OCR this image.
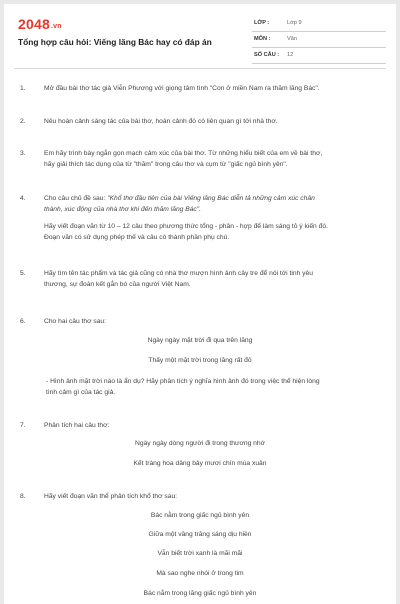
2048.vn
Tổng hợp câu hỏi: Viếng lăng Bác hay có đáp án
LỚP :	Lớp 9
MÔN :	Văn
SỐ CÂU : 12
1.	Mở đầu bài thơ tác giả Viễn Phương với giọng tâm tình "Con ở miền Nam ra thăm lăng Bác".

2.	Nêu hoàn cảnh sáng tác của bài thơ, hoàn cảnh đó có liên quan gì tới nhà thơ.

3.	Em hãy trình bày ngắn gọn mạch cảm xúc của bài thơ. Từ những hiểu biết của em về bài thơ,

hãy giải thích tác dụng của từ "thăm" trong câu thơ và cụm từ "giấc ngủ bình yên".

4.	Cho câu chủ đề sau: "Khổ thơ đầu tiên của bài Viếng lăng Bác diễn tả những cảm xúc chân

thành, xúc động của nhà thơ khi đến thăm lăng Bác".

Hãy viết đoạn văn từ 10 – 12 câu theo phương thức tổng - phân - hợp để làm sáng tỏ ý kiến đó.

Đoạn văn có sử dụng phép thế và câu có thành phần phụ chú.

5.	Hãy tìm tên tác phẩm và tác giả cũng có nhà thơ mượn hình ảnh cây tre để nói tới tinh yêu

thương, sự đoàn kết gắn bó của người Việt Nam.

6.	Cho hai câu thơ sau:

Ngày ngày mặt trời đi qua trên lăng
Thấy một mặt trời trong lăng rất đỏ

- Hình ảnh mặt trời nào là ẩn dụ? Hãy phân tích ý nghĩa hình ảnh đó trong việc thể hiện lòng

tình cảm gì của tác giả.

7.	Phân tích hai câu thơ:

Ngày ngày dòng người đi trong thương nhớ
Kết tràng hoa dâng bảy mươi chín mùa xuân
8.	Hãy viết đoạn văn thể phân tích khổ thơ sau:

Bác nằm trong giấc ngủ bình yên
Giữa một vầng trăng sáng dịu hiền
Vẫn biết trời xanh là mãi mãi
Mà sao nghe nhói ở trong tim
Bác nằm trong lăng giấc ngủ bình yên
